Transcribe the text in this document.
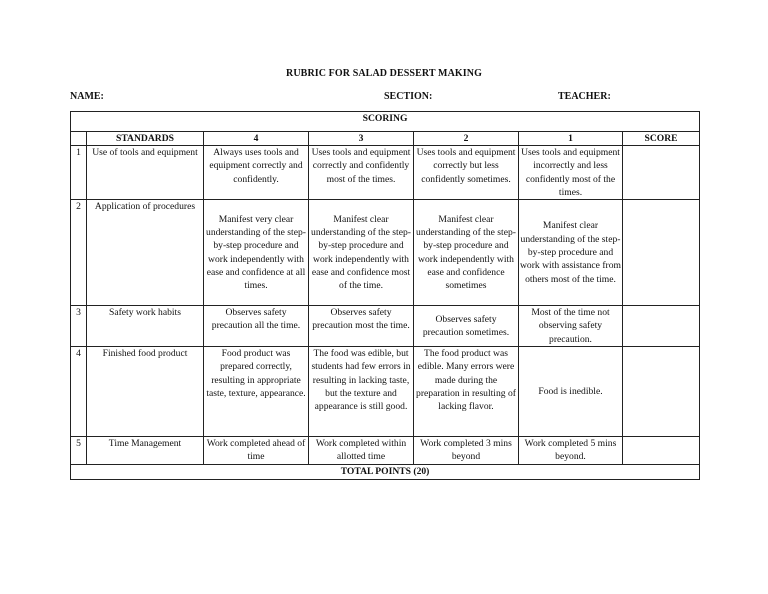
RUBRIC FOR SALAD DESSERT MAKING
NAME:	SECTION:	TEACHER:
SCORING						
	STANDARDS	4	3	2	1	SCORE
1	Use of tools and equipment	Always uses tools and equipment correctly and confidently.	Uses tools and equipment correctly and confidently most of the times.	Uses tools and equipment correctly but less confidently sometimes.	Uses tools and equipment incorrectly and less confidently most of the times.	
2	Application of procedures	Manifest very clear understanding of the step-by-step procedure and work independently with ease and confidence at all times.	Manifest clear understanding of the step-by-step procedure and work independently with ease and confidence most of the time.	Manifest clear understanding of the step-by-step procedure and work independently with ease and confidence sometimes	Manifest clear understanding of the step-by-step procedure and work with assistance from others most of the time.	
3	Safety work habits	Observes safety precaution all the time.	Observes safety precaution most the time.	Observes safety precaution sometimes.	Most of the time not observing safety precaution.	
4	Finished food product	Food product was prepared correctly, resulting in appropriate taste, texture, appearance.	The food was edible, but students had few errors in resulting in lacking taste, but the texture and appearance is still good.	The food product was edible. Many errors were made during the preparation in resulting of lacking flavor.	Food is inedible.	
5	Time Management	Work completed ahead of time	Work completed within allotted time	Work completed 3 mins beyond	Work completed 5 mins beyond.	
TOTAL POINTS (20)						
